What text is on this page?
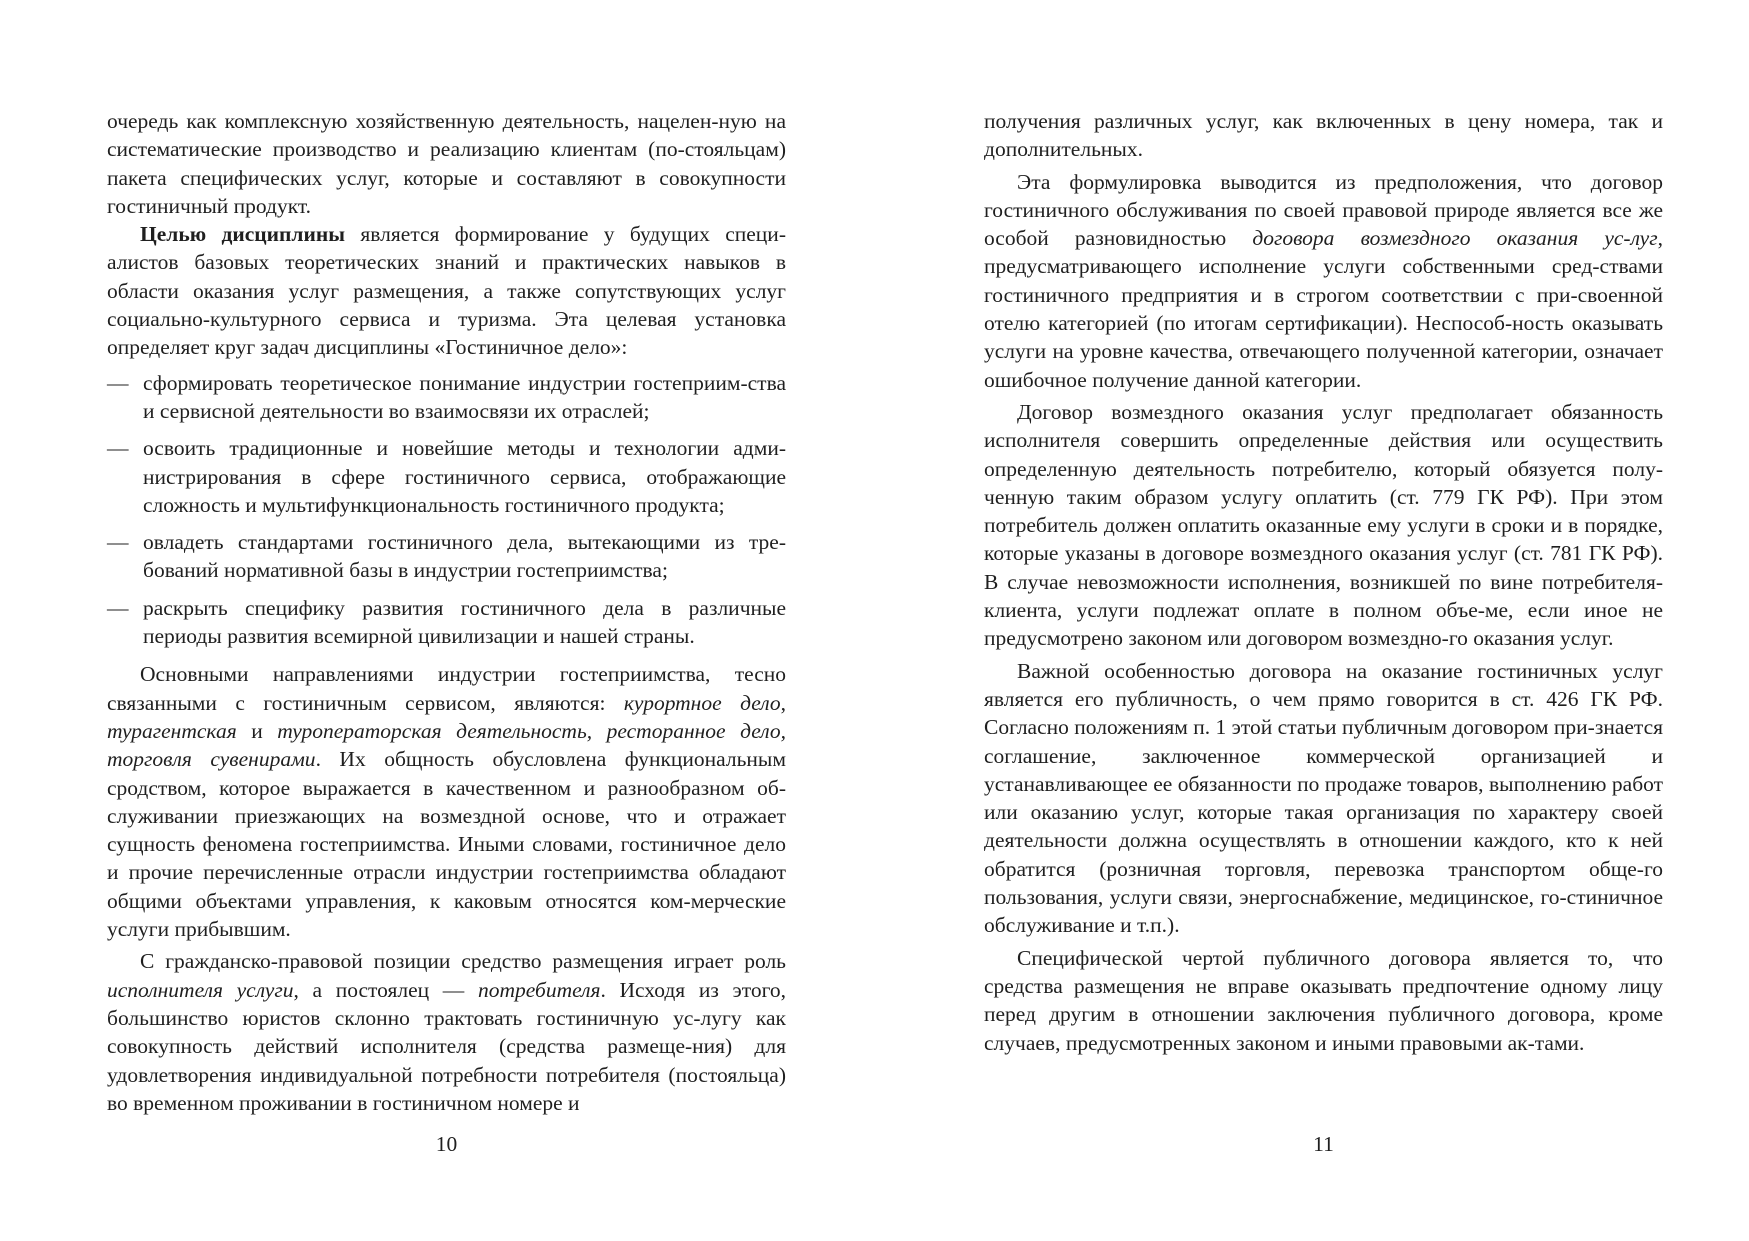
очередь как комплексную хозяйственную деятельность, нацелен-ную на систематические производство и реализацию клиентам (по-стояльцам) пакета специфических услуг, которые и составляют в совокупности гостиничный продукт.

Целью дисциплины является формирование у будущих специ-алистов базовых теоретических знаний и практических навыков в области оказания услуг размещения, а также сопутствующих услуг социально-культурного сервиса и туризма. Эта целевая установка определяет круг задач дисциплины «Гостиничное дело»:

— сформировать теоретическое понимание индустрии гостеприим-ства и сервисной деятельности во взаимосвязи их отраслей;
— освоить традиционные и новейшие методы и технологии адми-нистрирования в сфере гостиничного сервиса, отображающие сложность и мультифункциональность гостиничного продукта;
— овладеть стандартами гостиничного дела, вытекающими из тре-бований нормативной базы в индустрии гостеприимства;
— раскрыть специфику развития гостиничного дела в различные периоды развития всемирной цивилизации и нашей страны.

Основными направлениями индустрии гостеприимства, тесно связанными с гостиничным сервисом, являются: курортное дело, турагентская и туроператорская деятельность, ресторанное дело, торговля сувенирами. Их общность обусловлена функциональным сродством, которое выражается в качественном и разнообразном об-служивании приезжающих на возмездной основе, что и отражает сущность феномена гостеприимства. Иными словами, гостиничное дело и прочие перечисленные отрасли индустрии гостеприимства обладают общими объектами управления, к каковым относятся ком-мерческие услуги прибывшим.

С гражданско-правовой позиции средство размещения играет роль исполнителя услуги, а постоялец — потребителя. Исходя из этого, большинство юристов склонно трактовать гостиничную ус-лугу как совокупность действий исполнителя (средства размеще-ния) для удовлетворения индивидуальной потребности потребителя (постояльца) во временном проживании в гостиничном номере и

10

получения различных услуг, как включенных в цену номера, так и дополнительных.

Эта формулировка выводится из предположения, что договор гостиничного обслуживания по своей правовой природе является все же особой разновидностью договора возмездного оказания ус-луг, предусматривающего исполнение услуги собственными сред-ствами гостиничного предприятия и в строгом соответствии с при-своенной отелю категорией (по итогам сертификации). Неспособ-ность оказывать услуги на уровне качества, отвечающего полученной категории, означает ошибочное получение данной категории.

Договор возмездного оказания услуг предполагает обязанность исполнителя совершить определенные действия или осуществить определенную деятельность потребителю, который обязуется полу-ченную таким образом услугу оплатить (ст. 779 ГК РФ). При этом потребитель должен оплатить оказанные ему услуги в сроки и в порядке, которые указаны в договоре возмездного оказания услуг (ст. 781 ГК РФ). В случае невозможности исполнения, возникшей по вине потребителя-клиента, услуги подлежат оплате в полном объе-ме, если иное не предусмотрено законом или договором возмездно-го оказания услуг.

Важной особенностью договора на оказание гостиничных услуг является его публичность, о чем прямо говорится в ст. 426 ГК РФ. Согласно положениям п. 1 этой статьи публичным договором при-знается соглашение, заключенное коммерческой организацией и устанавливающее ее обязанности по продаже товаров, выполнению работ или оказанию услуг, которые такая организация по характеру своей деятельности должна осуществлять в отношении каждого, кто к ней обратится (розничная торговля, перевозка транспортом обще-го пользования, услуги связи, энергоснабжение, медицинское, го-стиничное обслуживание и т.п.).

Специфической чертой публичного договора является то, что средства размещения не вправе оказывать предпочтение одному лицу перед другим в отношении заключения публичного договора, кроме случаев, предусмотренных законом и иными правовыми ак-тами.

11
